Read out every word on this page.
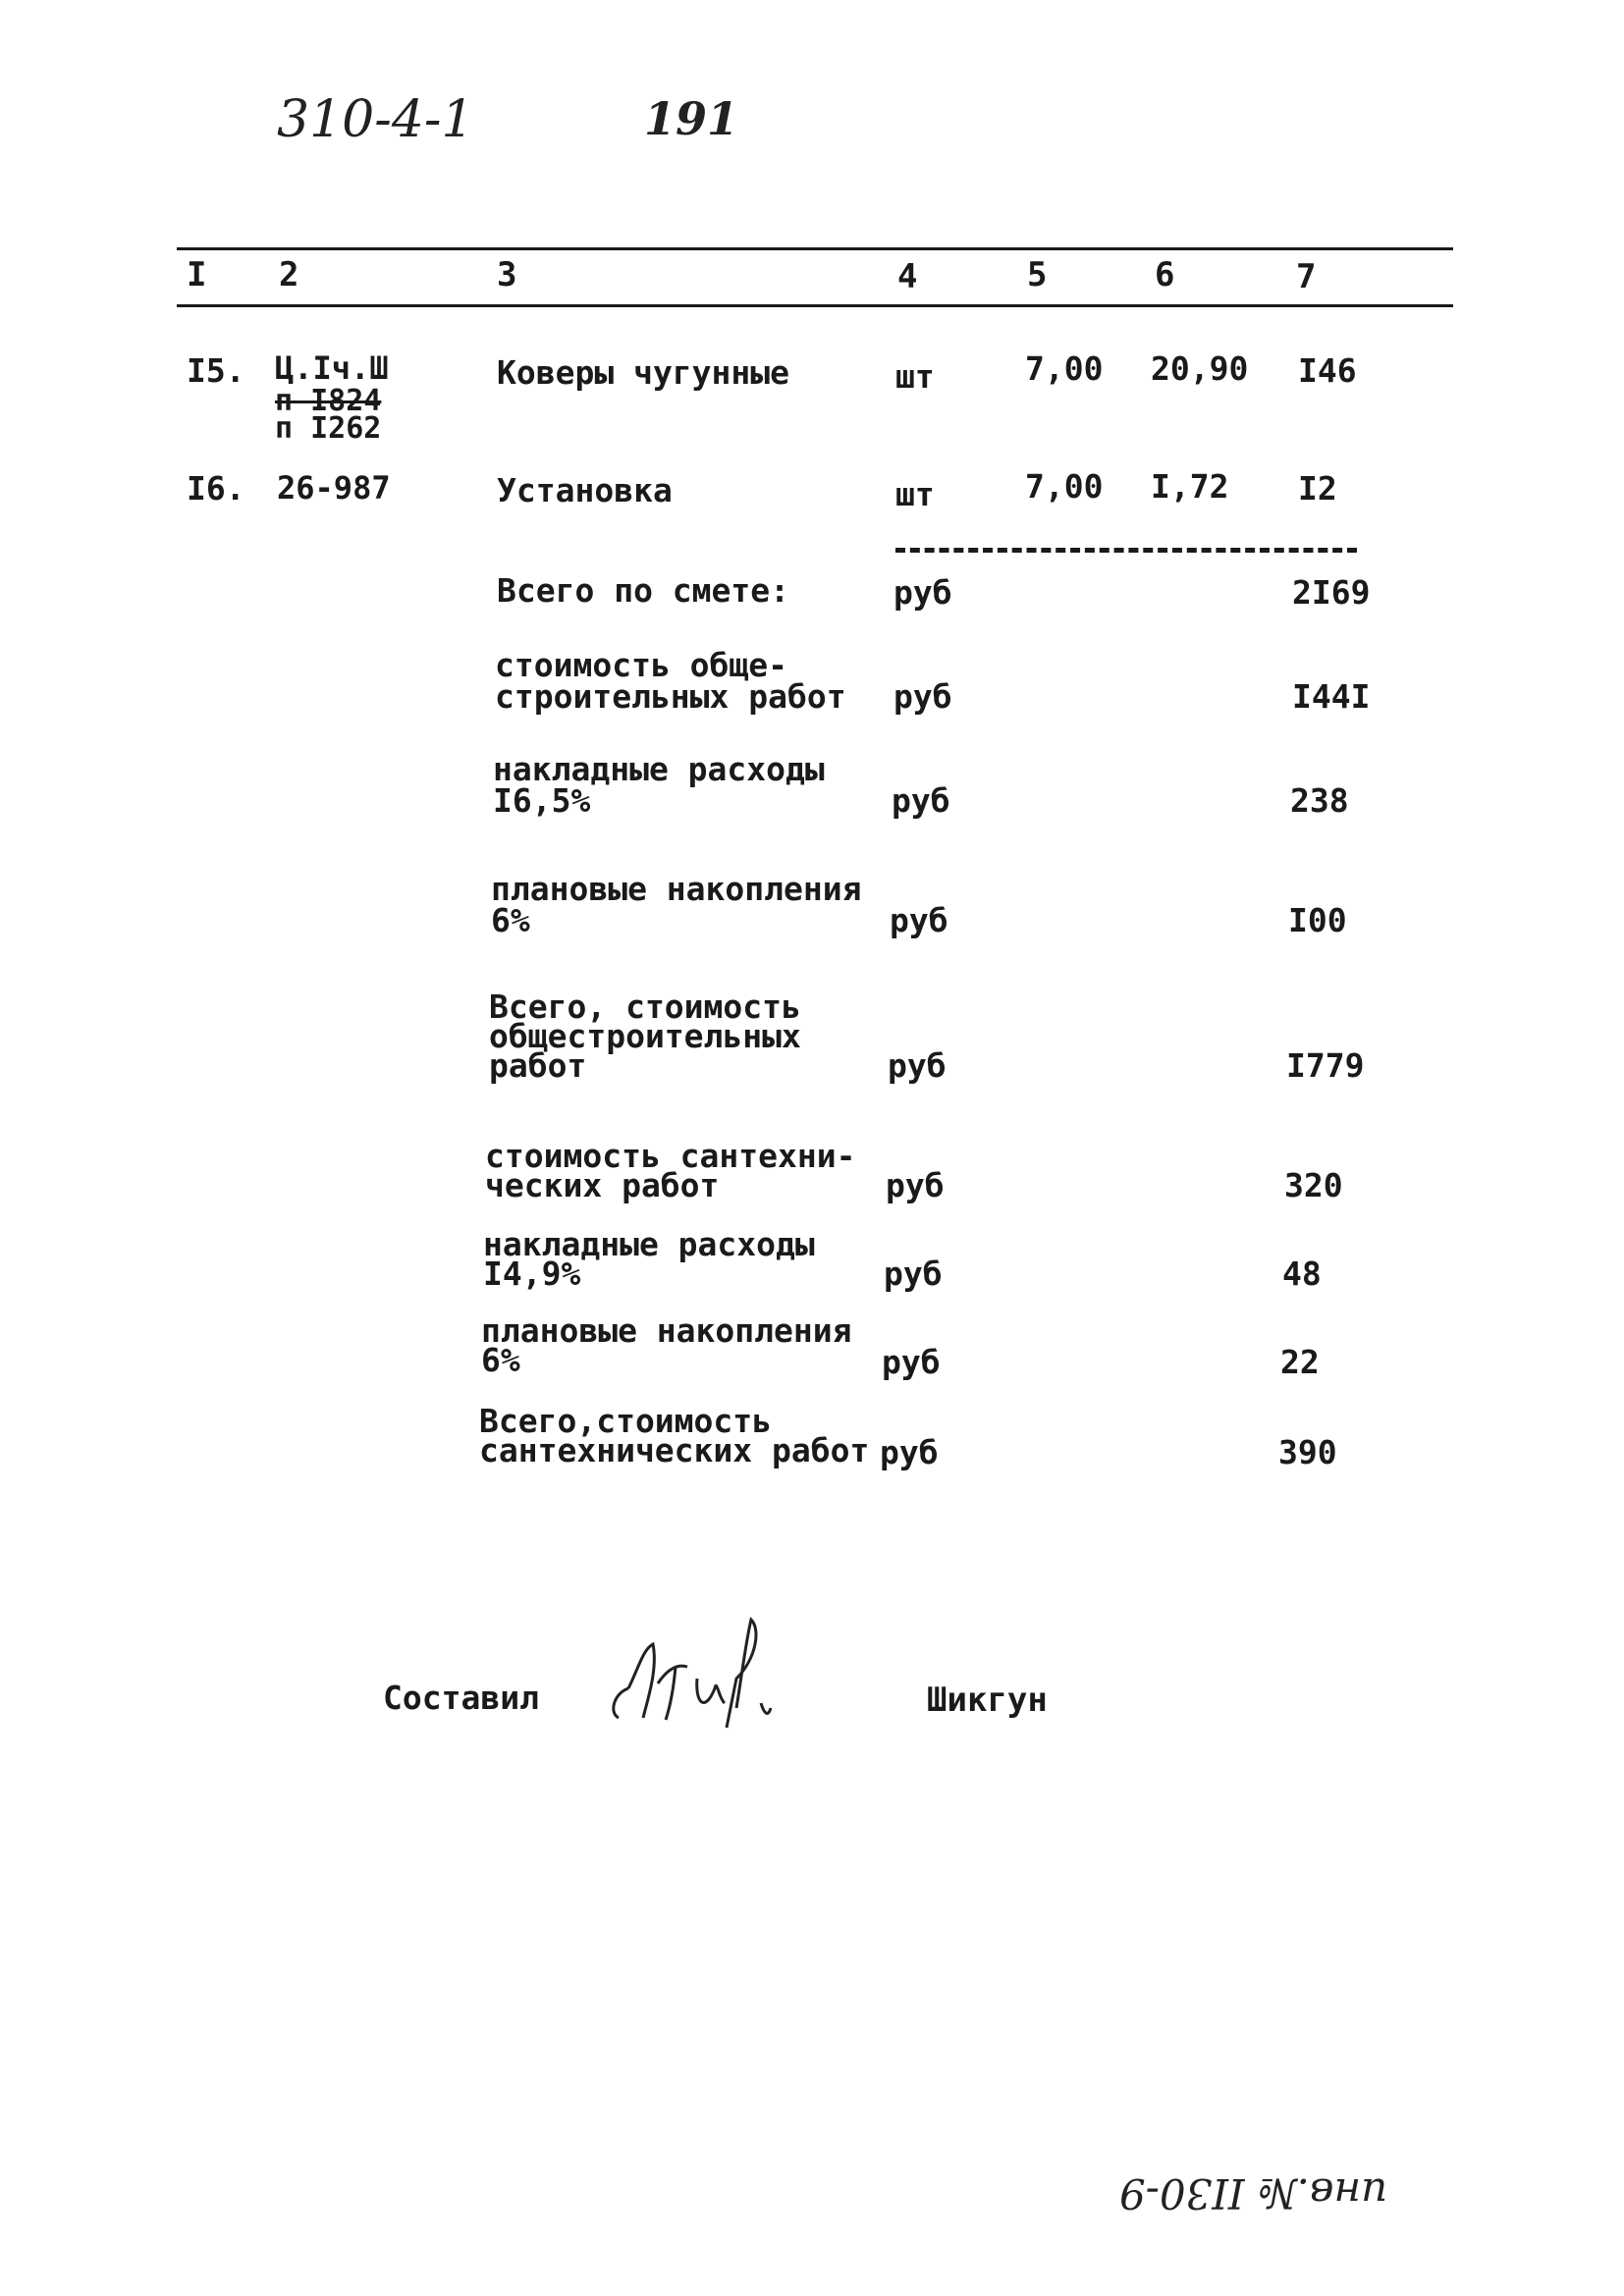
310-4-1	191
I 2	3	4	5	6	7
I5. Ц.Iч.Ш
п I824
п I262
Коверы чугунные	шт	7,00 20,90 I46
I6. 26-987	Установка	шт	7,00 I,72 I2
Всего по смете:	руб	2I69
стоимость обще-
строительных работ руб	I44I
накладные расходы
I6,5%	руб	238
плановые накопления
6%	руб	I00
Всего, стоимость
общестроительных
работ	руб	I779
стоимость сантехни-
ческих работ	руб	320
накладные расходы
I4,9%	руб	48
плановые накопления
6%	руб	22
Всего,стоимость
сантехнических работ руб	390
Составил	Шикгун
инв.№ II30-9
